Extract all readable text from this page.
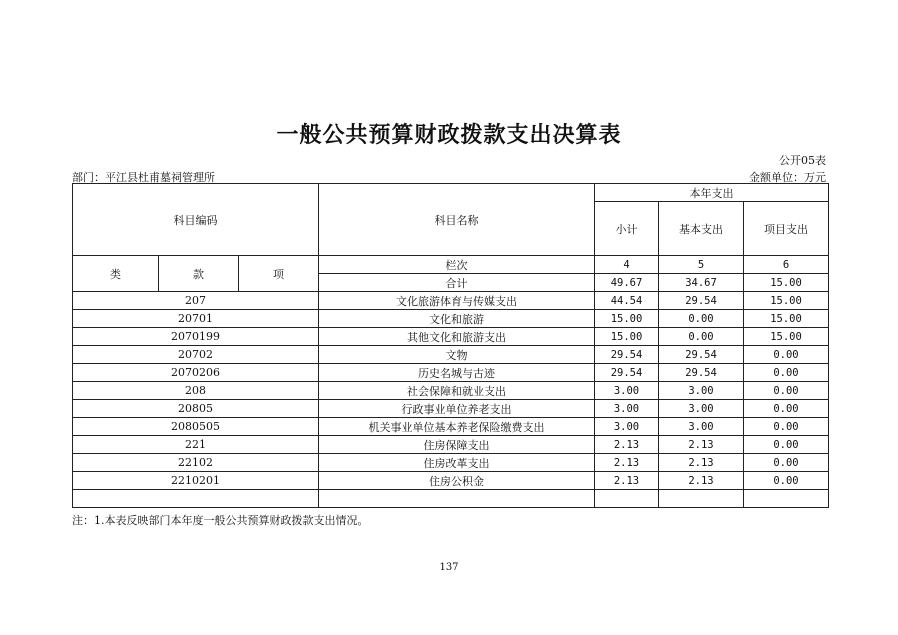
一般公共预算财政拨款支出决算表
公开05表
部门：平江县杜甫墓祠管理所	金额单位：万元
科目编码			科目名称	本年支出		
				小计	基本支出	项目支出
类	款	项	栏次	4	5	6
			合计	49.67	34.67	15.00
207			文化旅游体育与传媒支出	44.54	29.54	15.00
20701			文化和旅游	15.00	0.00	15.00
2070199			其他文化和旅游支出	15.00	0.00	15.00
20702			文物	29.54	29.54	0.00
2070206			历史名城与古迹	29.54	29.54	0.00
208			社会保障和就业支出	3.00	3.00	0.00
20805			行政事业单位养老支出	3.00	3.00	0.00
2080505			机关事业单位基本养老保险缴费支出	3.00	3.00	0.00
221			住房保障支出	2.13	2.13	0.00
22102			住房改革支出	2.13	2.13	0.00
2210201			住房公积金	2.13	2.13	0.00

注：1.本表反映部门本年度一般公共预算财政拨款支出情况。
137
